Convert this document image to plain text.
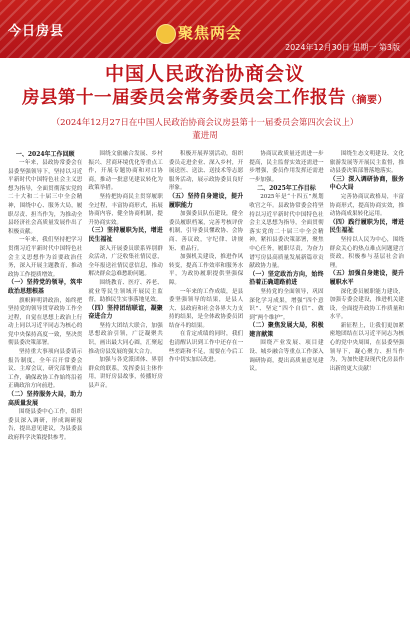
今日房县	聚焦两会
2024年12月30日 星期一 第3版
中国人民政治协商会议
房县第十一届委员会常务委员会工作报告（摘要）
（2024年12月27日在中国人民政治协商会议房县第十一届委员会第四次会议上）
董进周
一、2024年工作回顾

一年来，县政协常委会在县委坚强领导下，坚持以习近平新时代中国特色社会主义思想为指导，全面贯彻落实党的二十大和二十届三中全会精神，围绕中心、服务大局，履职尽责、担当作为，为推动全县经济社会高质量发展作出了积极贡献。

一年来，我们坚持把学习贯彻习近平新时代中国特色社会主义思想作为首要政治任务，深入开展主题教育，推动政协工作提质增效。

（一）坚持党的领导，筑牢政治思想根基

旗帜鲜明讲政治，始终把坚持党的领导贯穿政协工作全过程，自觉在思想上政治上行动上同以习近平同志为核心的党中央保持高度一致，坚决贯彻县委决策部署。

坚持重大事项向县委请示报告制度，全年召开常委会议、主席会议，研究部署重点工作，确保政协工作始终沿着正确政治方向前进。

（二）坚持服务大局，助力高质量发展

围绕县委中心工作，组织委员深入调研，形成调研报告，提出意见建议，为县委县政府科学决策提供参考。

围绕文旅融合发展、乡村振兴、营商环境优化等重点工作，开展专题协商和对口协商，推动一批意见建议转化为政策举措。

坚持把协商民主贯穿履职全过程，丰富协商形式，拓展协商内容，健全协商机制，提升协商实效。

（三）坚持履职为民，增进民生福祉

深入开展委员联系界别群众活动，广泛收集社情民意，全年报送社情民意信息，推动解决群众急难愁盼问题。

围绕教育、医疗、养老、就业等民生领域开展民主监督，助推民生实事落地见效。

（四）坚持团结联谊，凝聚奋进合力

坚持大团结大联合，加强思想政治引领，广泛凝聚共识，画出最大同心圆，汇聚起推动房县发展的强大合力。

加强与各党派团体、界别群众的联系，发挥委员主体作用，讲好房县故事，传播好房县声音。

积极开展界别活动，组织委员走进企业、深入乡村，开展送医、送法、送技术等志愿服务活动，展示政协委员良好形象。

（五）坚持自身建设，提升履职能力

加强委员队伍建设，健全委员履职档案，完善考核评价机制，引导委员懂政协、会协商、善议政，守纪律、讲规矩、重品行。

加强机关建设，推进作风转变，提高工作效率和服务水平，为政协履职提供坚强保障。

一年来的工作成绩，是县委坚强领导的结果，是县人大、县政府和社会各界大力支持的结果，是全体政协委员团结奋斗的结果。

在肯定成绩的同时，我们也清醒认识到工作中还存在一些差距和不足，需要在今后工作中切实加以改进。

协商议政质量还需进一步提高，民主监督实效还需进一步增强，委员作用发挥还需进一步加强。

二、2025年工作目标

2025年是“十四五”规划收官之年。县政协常委会将坚持以习近平新时代中国特色社会主义思想为指导，全面贯彻落实党的二十届三中全会精神，紧扣县委决策部署，聚焦中心任务，履职尽责，为奋力谱写房县高质量发展新篇章贡献政协力量。

（一）坚定政治方向，始终沿着正确道路前进

坚持党的全面领导，巩固深化学习成果，增强“四个意识”、坚定“四个自信”、做到“两个维护”。

（二）聚焦发展大局，积极建言献策

围绕产业发展、项目建设、城乡融合等重点工作深入调研协商，提出高质量意见建议。

围绕生态文明建设、文化旅游发展等开展民主监督，推动县委决策部署落地落实。

（三）深入调研协商，服务中心大局

完善协商议政格局，丰富协商形式，提高协商实效，推动协商成果转化运用。

（四）践行履职为民，增进民生福祉

坚持以人民为中心，围绕群众关心的热点难点问题建言资政，积极参与基层社会治理。

（五）加强自身建设，提升履职水平

深化委员履职能力建设，加强专委会建设，推进机关建设，全面提升政协工作质量和水平。

新征程上，让我们更加紧密地团结在以习近平同志为核心的党中央周围，在县委坚强领导下，凝心聚力、担当作为，为加快建设现代化房县作出新的更大贡献！
